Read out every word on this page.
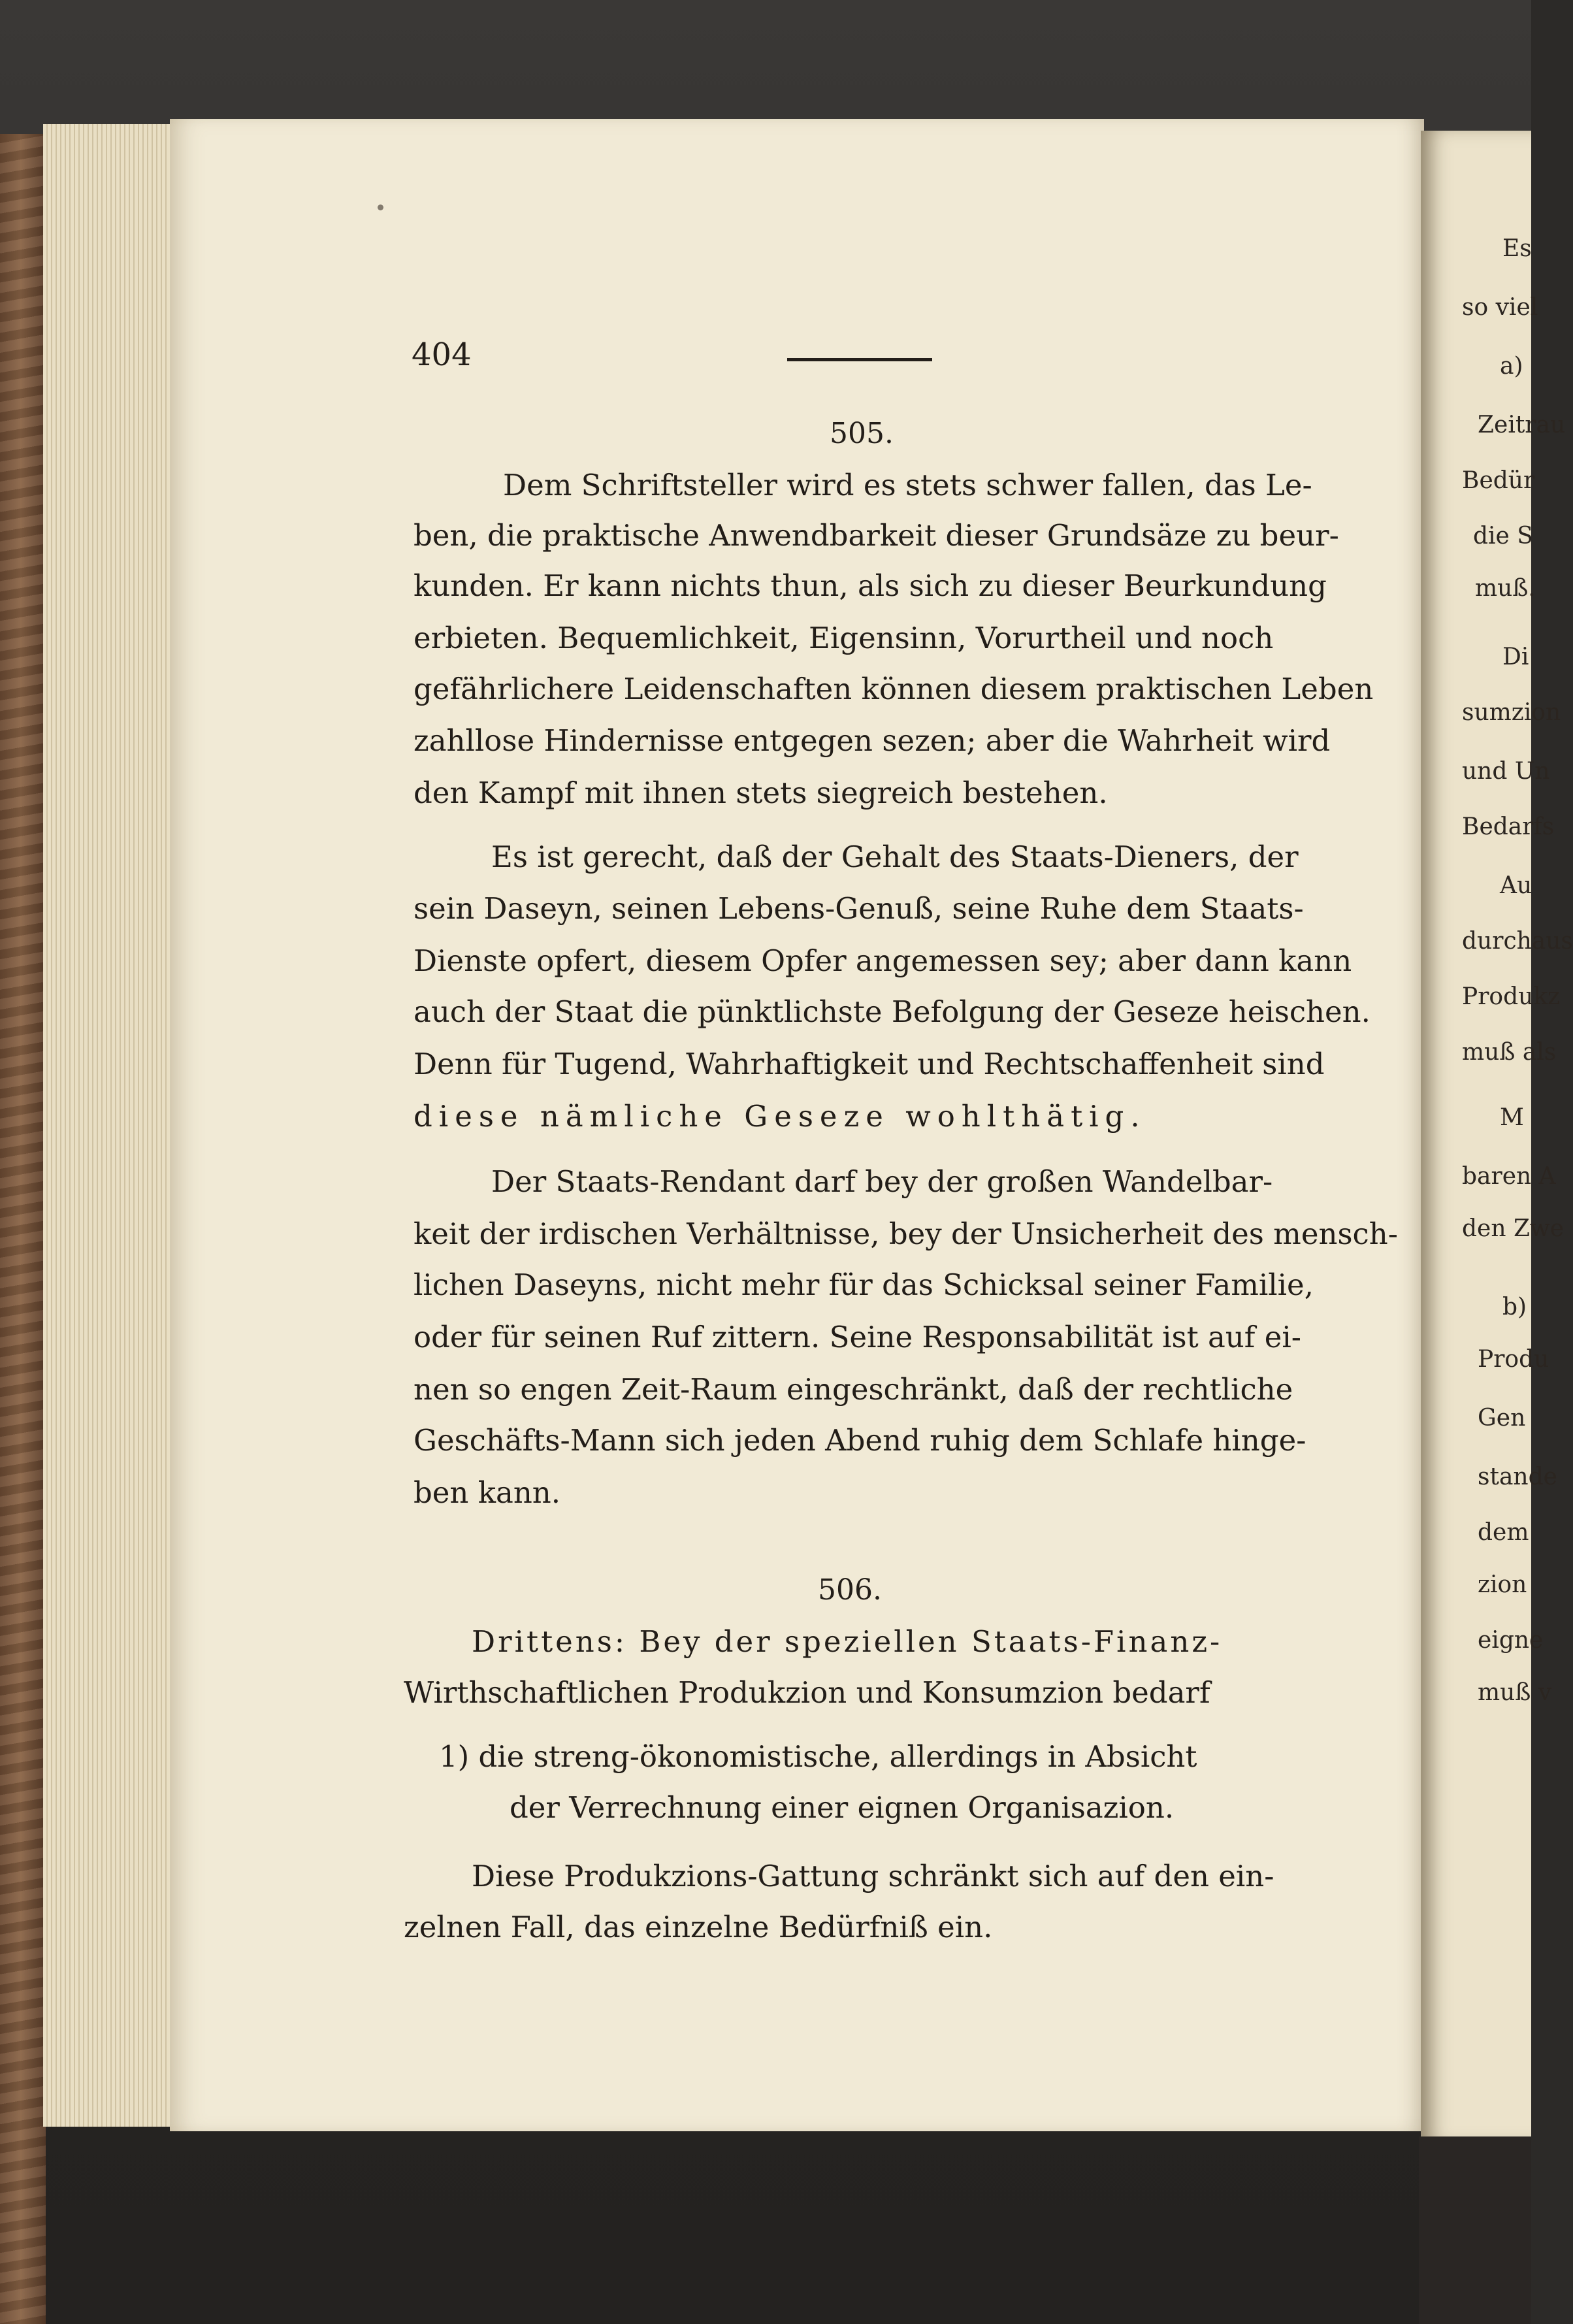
Es
so viel
a)
Zeitrau
Bedür
die S
muß.
Di
sumzion
und Un
Bedarfs
Au
durchaus
Produkz
muß als
M
baren A
den Zwe
b)
Produ
Gen
stande
dem
zion
eigne
muß v
404
505.
Dem Schriftsteller wird es stets schwer fallen, das Le-
ben, die praktische Anwendbarkeit dieser Grundsäze zu beur-
kunden. Er kann nichts thun, als sich zu dieser Beurkundung
erbieten. Bequemlichkeit, Eigensinn, Vorurtheil und noch
gefährlichere Leidenschaften können diesem praktischen Leben
zahllose Hindernisse entgegen sezen; aber die Wahrheit wird
den Kampf mit ihnen stets siegreich bestehen.
Es ist gerecht, daß der Gehalt des Staats-Dieners, der
sein Daseyn, seinen Lebens-Genuß, seine Ruhe dem Staats-
Dienste opfert, diesem Opfer angemessen sey; aber dann kann
auch der Staat die pünktlichste Befolgung der Geseze heischen.
Denn für Tugend, Wahrhaftigkeit und Rechtschaffenheit sind
diese nämliche Geseze wohlthätig.
Der Staats-Rendant darf bey der großen Wandelbar-
keit der irdischen Verhältnisse, bey der Unsicherheit des mensch-
lichen Daseyns, nicht mehr für das Schicksal seiner Familie,
oder für seinen Ruf zittern. Seine Responsabilität ist auf ei-
nen so engen Zeit-Raum eingeschränkt, daß der rechtliche
Geschäfts-Mann sich jeden Abend ruhig dem Schlafe hinge-
ben kann.
506.
Drittens: Bey der speziellen Staats-Finanz-
Wirthschaftlichen Produkzion und Konsumzion bedarf
1) die streng-ökonomistische, allerdings in Absicht
der Verrechnung einer eignen Organisazion.
Diese Produkzions-Gattung schränkt sich auf den ein-
zelnen Fall, das einzelne Bedürfniß ein.
